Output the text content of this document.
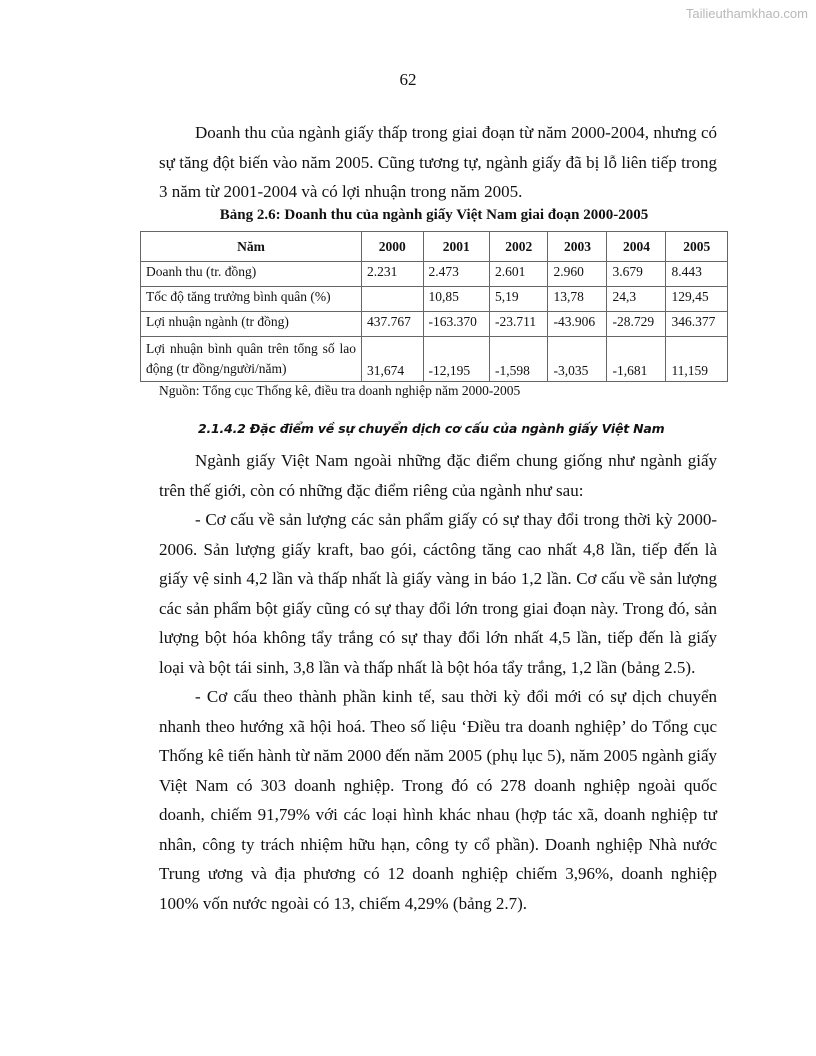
Tailieuthamkhao.com
62

Doanh thu của ngành giấy thấp trong giai đoạn từ năm 2000-2004, nhưng có sự tăng đột biến vào năm 2005. Cũng tương tự, ngành giấy đã bị lỗ liên tiếp trong 3 năm từ 2001-2004 và có lợi nhuận trong năm 2005.

Bảng 2.6: Doanh thu của ngành giấy Việt Nam giai đoạn 2000-2005
Năm	2000	2001	2002	2003	2004	2005
Doanh thu (tr. đồng)	2.231	2.473	2.601	2.960	3.679	8.443
Tốc độ tăng trưởng bình quân (%)		10,85	5,19	13,78	24,3	129,45
Lợi nhuận ngành (tr đồng)	437.767	-163.370	-23.711	-43.906	-28.729	346.377
Lợi nhuận bình quân trên tổng số lao động (tr đồng/người/năm)	31,674	-12,195	-1,598	-3,035	-1,681	11,159
Nguồn: Tổng cục Thống kê, điều tra doanh nghiệp năm 2000-2005
2.1.4.2 Đặc điểm về sự chuyển dịch cơ cấu của ngành giấy Việt Nam

Ngành giấy Việt Nam ngoài những đặc điểm chung giống như ngành giấy trên thế giới, còn có những đặc điểm riêng của ngành như sau:

- Cơ cấu về sản lượng các sản phẩm giấy có sự thay đổi trong thời kỳ 2000-2006. Sản lượng giấy kraft, bao gói, cáctông tăng cao nhất 4,8 lần, tiếp đến là giấy vệ sinh 4,2 lần và thấp nhất là giấy vàng in báo 1,2 lần. Cơ cấu về sản lượng các sản phẩm bột giấy cũng có sự thay đổi lớn trong giai đoạn này. Trong đó, sản lượng bột hóa không tẩy trắng có sự thay đổi lớn nhất 4,5 lần, tiếp đến là giấy loại và bột tái sinh, 3,8 lần và thấp nhất là bột hóa tẩy trắng, 1,2 lần (bảng 2.5).

- Cơ cấu theo thành phần kinh tế, sau thời kỳ đổi mới có sự dịch chuyển nhanh theo hướng xã hội hoá. Theo số liệu ‘Điều tra doanh nghiệp’ do Tổng cục Thống kê tiến hành từ năm 2000 đến năm 2005 (phụ lục 5), năm 2005 ngành giấy Việt Nam có 303 doanh nghiệp. Trong đó có 278 doanh nghiệp ngoài quốc doanh, chiếm 91,79% với các loại hình khác nhau (hợp tác xã, doanh nghiệp tư nhân, công ty trách nhiệm hữu hạn, công ty cổ phần). Doanh nghiệp Nhà nước Trung ương và địa phương có 12 doanh nghiệp chiếm 3,96%, doanh nghiệp 100% vốn nước ngoài có 13, chiếm 4,29% (bảng 2.7).
